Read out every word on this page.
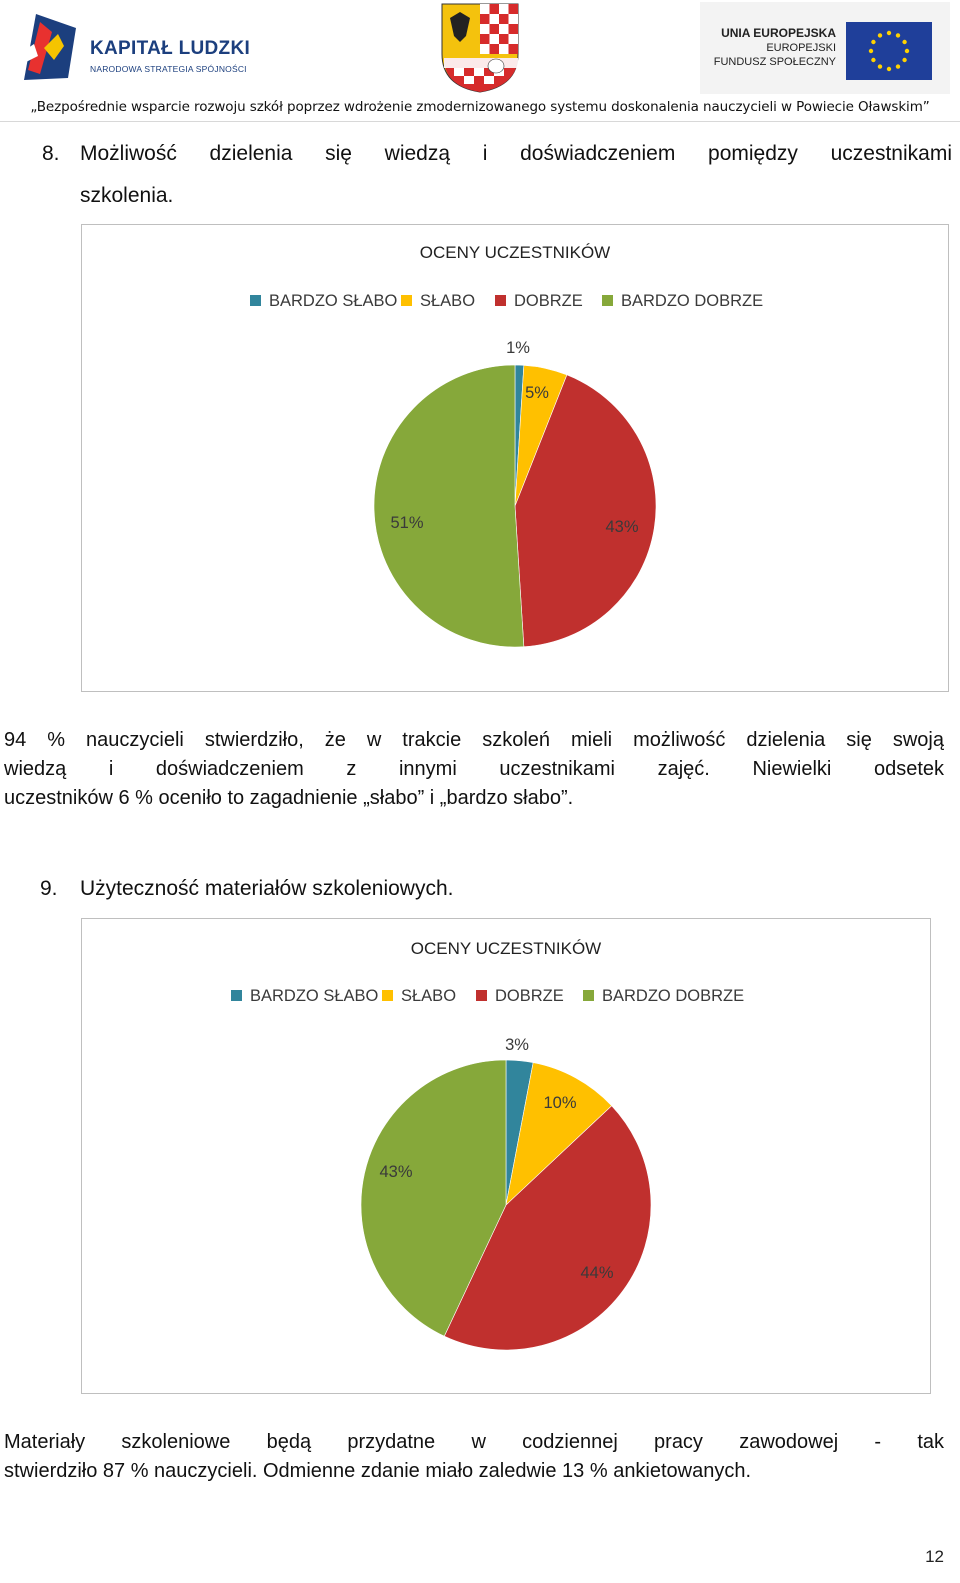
KAPITAŁ LUDZKI
NARODOWA STRATEGIA SPÓJNOŚCI
UNIA EUROPEJSKA
EUROPEJSKI
FUNDUSZ SPOŁECZNY
„Bezpośrednie wsparcie rozwoju szkół poprzez wdrożenie zmodernizowanego systemu doskonalenia nauczycieli w Powiecie Oławskim”
8. Możliwość dzielenia się wiedzą i doświadczeniem pomiędzy uczestnikami
szkolenia.
OCENY UCZESTNIKÓW
BARDZO SŁABO SŁABO DOBRZE BARDZO DOBRZE
1%
5%
43%
51%
94 % nauczycieli stwierdziło, że w trakcie szkoleń mieli możliwość dzielenia się swoją
wiedzą i doświadczeniem z innymi uczestnikami zajęć. Niewielki odsetek
uczestników 6 % oceniło to zagadnienie „słabo” i „bardzo słabo”.
9. Użyteczność materiałów szkoleniowych.
OCENY UCZESTNIKÓW
BARDZO SŁABO SŁABO DOBRZE BARDZO DOBRZE
3%
10%
44%
43%
Materiały szkoleniowe będą przydatne w codziennej pracy zawodowej - tak
stwierdziło 87 % nauczycieli. Odmienne zdanie miało zaledwie 13 % ankietowanych.
12
